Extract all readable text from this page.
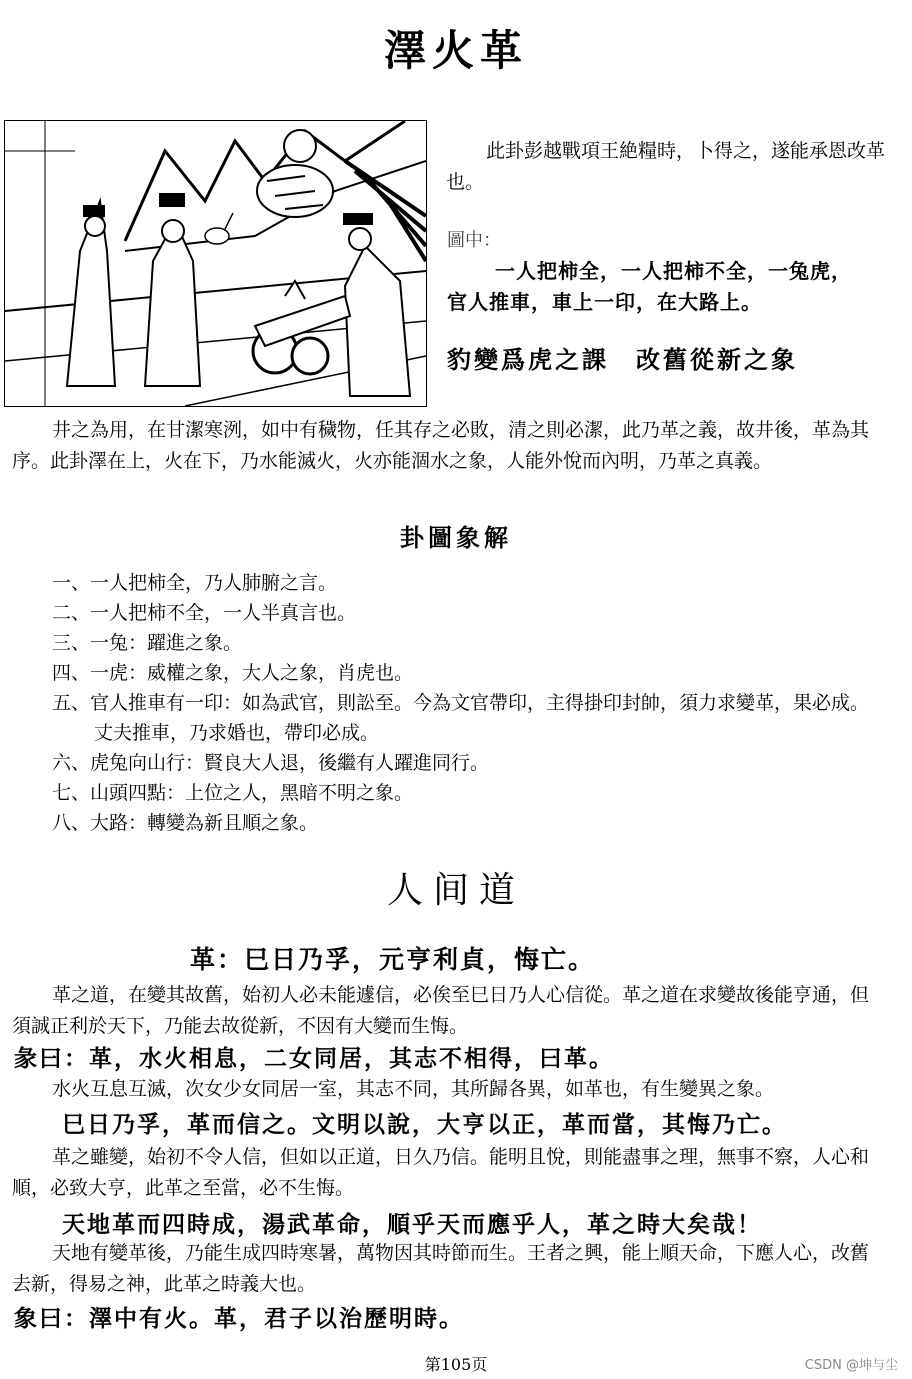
澤火革

此卦彭越戰項王絶糧時，卜得之，遂能承恩改革也。

圖中：
一人把柿全，一人把柿不全，一兔虎，
官人推車，車上一印，在大路上。
豹變爲虎之課　改舊從新之象

井之為用，在甘潔寒洌，如中有穢物，任其存之必敗，清之則必潔，此乃革之義，故井後，革為其序。此卦澤在上，火在下，乃水能滅火，火亦能涸水之象，人能外悅而內明，乃革之真義。

卦圖象解
一、一人把柿全，乃人肺腑之言。
二、一人把柿不全，一人半真言也。
三、一兔：躍進之象。
四、一虎：威權之象，大人之象，肖虎也。
五、官人推車有一印：如為武官，則訟至。今為文官帶印，主得掛印封帥，須力求變革，果必成。丈夫推車，乃求婚也，帶印必成。
六、虎兔向山行：賢良大人退，後繼有人躍進同行。
七、山頭四點：上位之人，黑暗不明之象。
八、大路：轉變為新且順之象。
人间道
革：巳日乃孚，元亨利貞，悔亡。

革之道，在變其故舊，始初人必未能遽信，必俟至巳日乃人心信從。革之道在求變故後能亨通，但須誠正利於天下，乃能去故從新，不因有大變而生悔。

彖曰：革，水火相息，二女同居，其志不相得，曰革。

水火互息互滅，次女少女同居一室，其志不同，其所歸各異，如革也，有生變異之象。

巳日乃孚，革而信之。文明以說，大亨以正，革而當，其悔乃亡。

革之雖變，始初不令人信，但如以正道，日久乃信。能明且悅，則能盡事之理，無事不察，人心和順，必致大亨，此革之至當，必不生悔。

天地革而四時成，湯武革命，順乎天而應乎人，革之時大矣哉！

天地有變革後，乃能生成四時寒暑，萬物因其時節而生。王者之興，能上順天命，下應人心，改舊去新，得易之神，此革之時義大也。

象曰：澤中有火。革，君子以治歷明時。
第105页	CSDN @坤与尘
